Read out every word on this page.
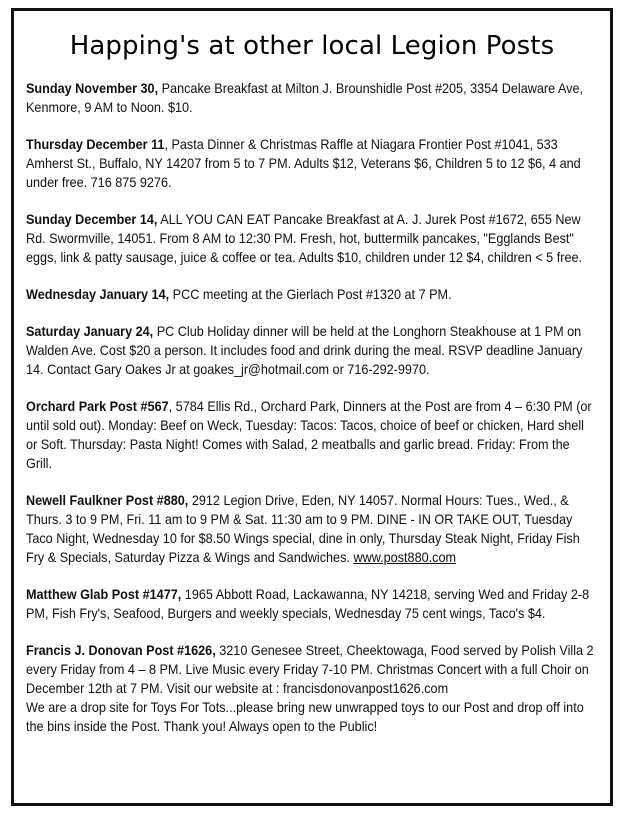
Happing's at other local Legion Posts
Sunday November 30, Pancake Breakfast at Milton J. Brounshidle Post #205, 3354 Delaware Ave, Kenmore, 9 AM to Noon. $10.
Thursday December 11, Pasta Dinner & Christmas Raffle at Niagara Frontier Post #1041, 533 Amherst St., Buffalo, NY 14207 from 5 to 7 PM. Adults $12, Veterans $6, Children 5 to 12 $6, 4 and under free. 716 875 9276.
Sunday December 14, ALL YOU CAN EAT Pancake Breakfast at A. J. Jurek Post #1672, 655 New Rd. Swormville, 14051. From 8 AM to 12:30 PM. Fresh, hot, buttermilk pancakes, "Egglands Best" eggs, link & patty sausage, juice & coffee or tea. Adults $10, children under 12 $4, children < 5 free.
Wednesday January 14, PCC meeting at the Gierlach Post #1320 at 7 PM.
Saturday January 24, PC Club Holiday dinner will be held at the Longhorn Steakhouse at 1 PM on Walden Ave. Cost $20 a person. It includes food and drink during the meal. RSVP deadline January 14. Contact Gary Oakes Jr at goakes_jr@hotmail.com or 716-292-9970.
Orchard Park Post #567, 5784 Ellis Rd., Orchard Park, Dinners at the Post are from 4 – 6:30 PM (or until sold out). Monday: Beef on Weck, Tuesday: Tacos: Tacos, choice of beef or chicken, Hard shell or Soft. Thursday: Pasta Night! Comes with Salad, 2 meatballs and garlic bread. Friday: From the Grill.
Newell Faulkner Post #880, 2912 Legion Drive, Eden, NY 14057. Normal Hours: Tues., Wed., & Thurs. 3 to 9 PM, Fri. 11 am to 9 PM & Sat. 11:30 am to 9 PM. DINE - IN OR TAKE OUT, Tuesday Taco Night, Wednesday 10 for $8.50 Wings special, dine in only, Thursday Steak Night, Friday Fish Fry & Specials, Saturday Pizza & Wings and Sandwiches. www.post880.com
Matthew Glab Post #1477, 1965 Abbott Road, Lackawanna, NY 14218, serving Wed and Friday 2-8 PM, Fish Fry's, Seafood, Burgers and weekly specials, Wednesday 75 cent wings, Taco's $4.
Francis J. Donovan Post #1626, 3210 Genesee Street, Cheektowaga, Food served by Polish Villa 2 every Friday from 4 – 8 PM. Live Music every Friday 7-10 PM. Christmas Concert with a full Choir on December 12th at 7 PM. Visit our website at : francisdonovanpost1626.com
We are a drop site for Toys For Tots...please bring new unwrapped toys to our Post and drop off into the bins inside the Post. Thank you! Always open to the Public!
